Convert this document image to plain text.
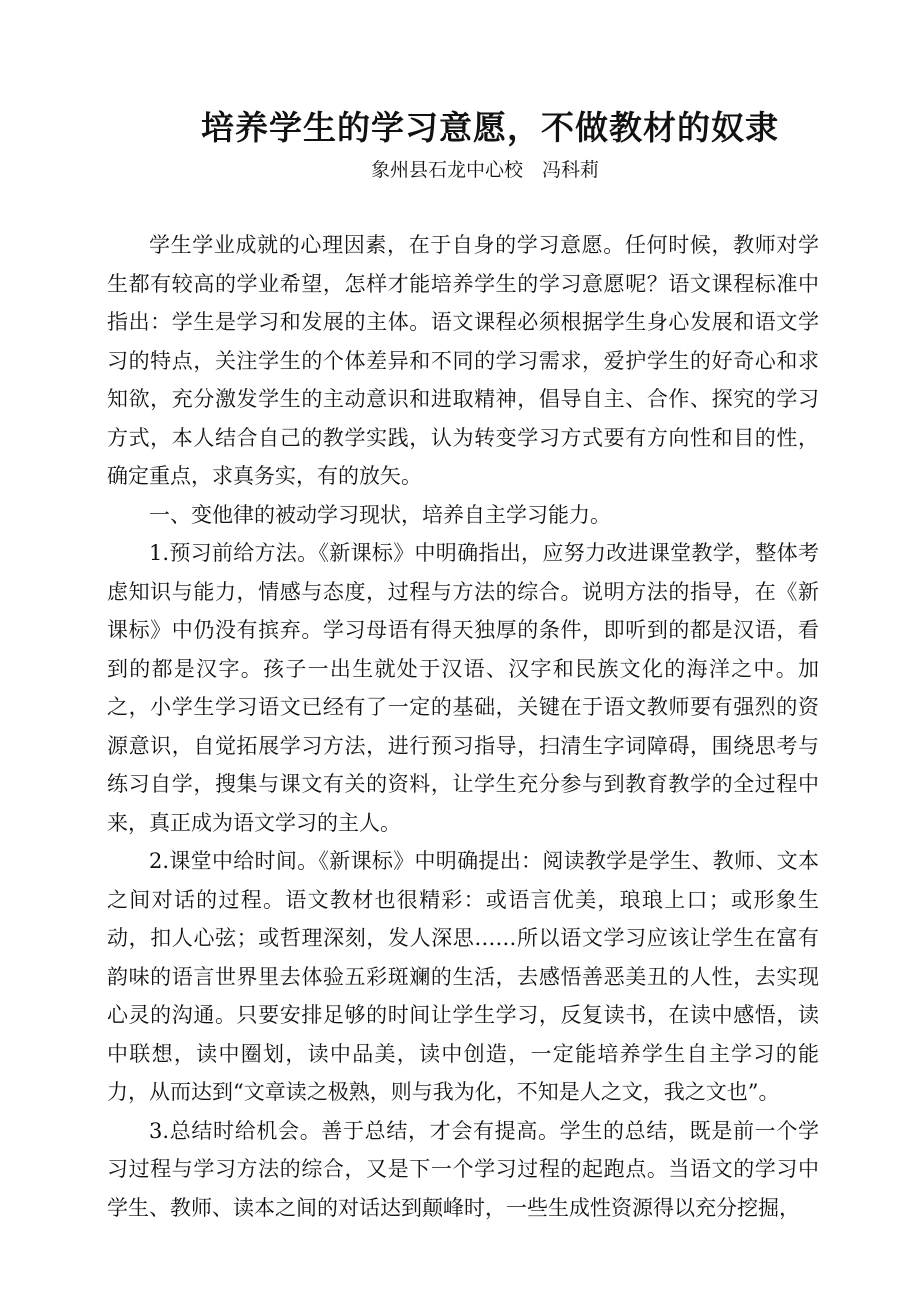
培养学生的学习意愿，不做教材的奴隶
象州县石龙中心校　冯科莉

学生学业成就的心理因素，在于自身的学习意愿。任何时候，教师对学生都有较高的学业希望，怎样才能培养学生的学习意愿呢？语文课程标准中指出：学生是学习和发展的主体。语文课程必须根据学生身心发展和语文学习的特点，关注学生的个体差异和不同的学习需求，爱护学生的好奇心和求知欲，充分激发学生的主动意识和进取精神，倡导自主、合作、探究的学习方式，本人结合自己的教学实践，认为转变学习方式要有方向性和目的性，确定重点，求真务实，有的放矢。

一、变他律的被动学习现状，培养自主学习能力。

1.预习前给方法。《新课标》中明确指出，应努力改进课堂教学，整体考虑知识与能力，情感与态度，过程与方法的综合。说明方法的指导，在《新课标》中仍没有摈弃。学习母语有得天独厚的条件，即听到的都是汉语，看到的都是汉字。孩子一出生就处于汉语、汉字和民族文化的海洋之中。加之，小学生学习语文已经有了一定的基础，关键在于语文教师要有强烈的资源意识，自觉拓展学习方法，进行预习指导，扫清生字词障碍，围绕思考与练习自学，搜集与课文有关的资料，让学生充分参与到教育教学的全过程中来，真正成为语文学习的主人。

2.课堂中给时间。《新课标》中明确提出：阅读教学是学生、教师、文本之间对话的过程。语文教材也很精彩：或语言优美，琅琅上口；或形象生动，扣人心弦；或哲理深刻，发人深思……所以语文学习应该让学生在富有韵味的语言世界里去体验五彩斑斓的生活，去感悟善恶美丑的人性，去实现心灵的沟通。只要安排足够的时间让学生学习，反复读书，在读中感悟，读中联想，读中圈划，读中品美，读中创造，一定能培养学生自主学习的能力，从而达到“文章读之极熟，则与我为化，不知是人之文，我之文也”。

3.总结时给机会。善于总结，才会有提高。学生的总结，既是前一个学习过程与学习方法的综合，又是下一个学习过程的起跑点。当语文的学习中学生、教师、读本之间的对话达到颠峰时，一些生成性资源得以充分挖掘，
